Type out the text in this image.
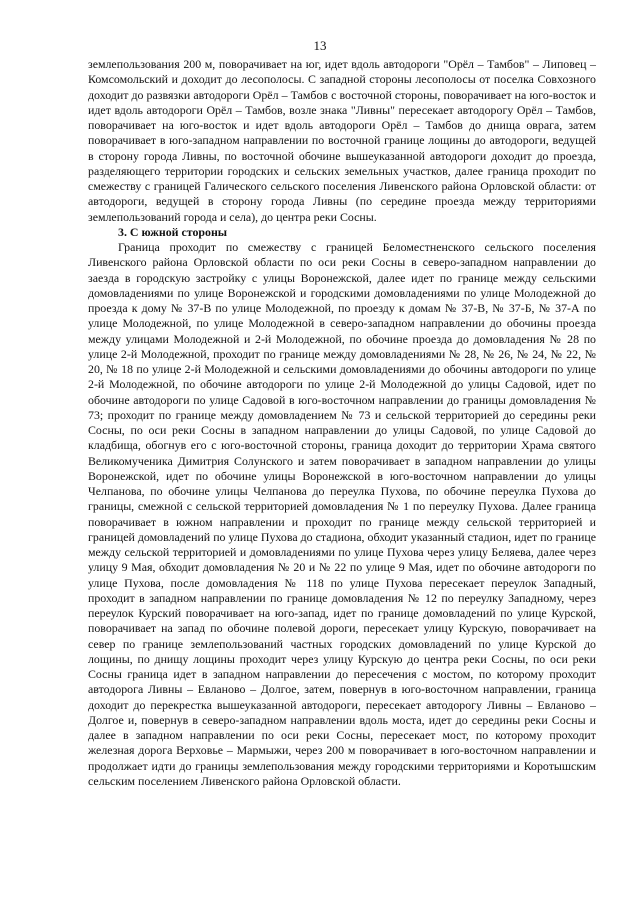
13

землепользования 200 м, поворачивает на юг, идет вдоль автодороги "Орёл – Тамбов" – Липовец – Комсомольский и доходит до лесополосы. С западной стороны лесополосы от поселка Совхозного доходит до развязки автодороги Орёл – Тамбов с восточной стороны, поворачивает на юго-восток и идет вдоль автодороги Орёл – Тамбов, возле знака "Ливны" пересекает автодорогу Орёл – Тамбов, поворачивает на юго-восток и идет вдоль автодороги Орёл – Тамбов до днища оврага, затем поворачивает в юго-западном направлении по восточной границе лощины до автодороги, ведущей в сторону города Ливны, по восточной обочине вышеуказанной автодороги доходит до проезда, разделяющего территории городских и сельских земельных участков, далее граница проходит по смежеству с границей Галического сельского поселения Ливенского района Орловской области: от автодороги, ведущей в сторону города Ливны (по середине проезда между территориями землепользований города и села), до центра реки Сосны.

3. С южной стороны

Граница проходит по смежеству с границей Беломестненского сельского поселения Ливенского района Орловской области по оси реки Сосны в северо-западном направлении до заезда в городскую застройку с улицы Воронежской, далее идет по границе между сельскими домовладениями по улице Воронежской и городскими домовладениями по улице Молодежной до проезда к дому № 37-В по улице Молодежной, по проезду к домам № 37-В, № 37-Б, № 37-А по улице Молодежной, по улице Молодежной в северо-западном направлении до обочины проезда между улицами Молодежной и 2-й Молодежной, по обочине проезда до домовладения № 28 по улице 2-й Молодежной, проходит по границе между домовладениями № 28, № 26, № 24, № 22, № 20, № 18 по улице 2-й Молодежной и сельскими домовладениями до обочины автодороги по улице 2-й Молодежной, по обочине автодороги по улице 2-й Молодежной до улицы Садовой, идет по обочине автодороги по улице Садовой в юго-восточном направлении до границы домовладения № 73; проходит по границе между домовладением № 73 и сельской территорией до середины реки Сосны, по оси реки Сосны в западном направлении до улицы Садовой, по улице Садовой до кладбища, обогнув его с юго-восточной стороны, граница доходит до территории Храма святого Великомученика Димитрия Солунского и затем поворачивает в западном направлении до улицы Воронежской, идет по обочине улицы Воронежской в юго-восточном направлении до улицы Челпанова, по обочине улицы Челпанова до переулка Пухова, по обочине переулка Пухова до границы, смежной с сельской территорией домовладения № 1 по переулку Пухова. Далее граница поворачивает в южном направлении и проходит по границе между сельской территорией и границей домовладений по улице Пухова до стадиона, обходит указанный стадион, идет по границе между сельской территорией и домовладениями по улице Пухова через улицу Беляева, далее через улицу 9 Мая, обходит домовладения № 20 и № 22 по улице 9 Мая, идет по обочине автодороги по улице Пухова, после домовладения № 118 по улице Пухова пересекает переулок Западный, проходит в западном направлении по границе домовладения № 12 по переулку Западному, через переулок Курский поворачивает на юго-запад, идет по границе домовладений по улице Курской, поворачивает на запад по обочине полевой дороги, пересекает улицу Курскую, поворачивает на север по границе землепользований частных городских домовладений по улице Курской до лощины, по днищу лощины проходит через улицу Курскую до центра реки Сосны, по оси реки Сосны граница идет в западном направлении до пересечения с мостом, по которому проходит автодорога Ливны – Евланово – Долгое, затем, повернув в юго-восточном направлении, граница доходит до перекрестка вышеуказанной автодороги, пересекает автодорогу Ливны – Евланово – Долгое и, повернув в северо-западном направлении вдоль моста, идет до середины реки Сосны и далее в западном направлении по оси реки Сосны, пересекает мост, по которому проходит железная дорога Верховье – Мармыжи, через 200 м поворачивает в юго-восточном направлении и продолжает идти до границы землепользования между городскими территориями и Коротышским сельским поселением Ливенского района Орловской области.
